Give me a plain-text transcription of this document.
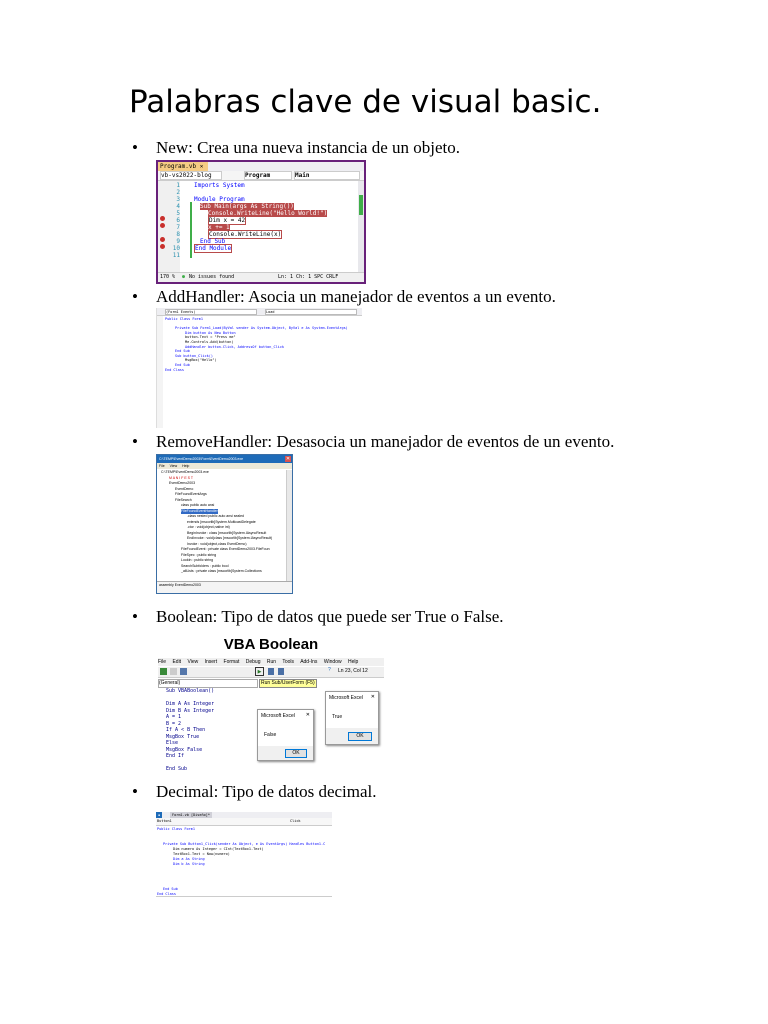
Palabras clave de visual basic.
• New: Crea una nueva instancia de un objeto.
• AddHandler: Asocia un manejador de eventos a un evento.
• RemoveHandler: Desasocia un manejador de eventos de un evento.
• Boolean: Tipo de datos que puede ser True o False.
• Decimal: Tipo de datos decimal.
Program.vb ✕
vb-vs2022-blog	Program	Main
1 Imports System
2
3 Module Program
4	Sub Main(args As String())
5	Console.WriteLine("Hello World!")
6	Dim x = 42
7	x += 1
8	Console.WriteLine(x)
9	End Sub
10	End Module
11
170 % ● No issues found	Ln: 1 Ch: 1 SPC CRLF
(Form1 Events)	Load
Public Class Form1
Private Sub Form1_Load(ByVal sender As System.Object, ByVal e As System.EventArgs)
Dim button As New Button
button.Text = "Press me"
Me.Controls.Add(button)
AddHandler button.Click, AddressOf button_Click
End Sub
Sub button_Click()
MsgBox("Hello")
End Sub
End Class
C:\TEMP\EventDemo2003\Form\EventDemo2003.exe	✕
File View Help
C:\TEMP\EventDemo2003.exe
M A N I F E S T
EventDemo2003
EventDemo
FileFoundEventArgs
FileSearch
class public auto ansi
FileFoundEventHandler
.class nested public auto ansi sealed
extends [mscorlib]System.MulticastDelegate
.ctor : void(object,native int)
BeginInvoke : class [mscorlib]System.IAsyncResult
EndInvoke : void(class [mscorlib]System.IAsyncResult)
Invoke : void(object,class EventDemo)
FileFoundEvent : private class EventDemo2003.FileFoun
FileSpec : public string
LookIn : public string
SearchSubfolders : public bool
_allLists : private class [mscorlib]System.Collections
assembly EventDemo2003
VBA Boolean
File Edit View Insert Format Debug Run Tools Add-Ins Window Help
▶	? Ln 23, Col 12
Run Sub/UserForm (F5)
(General)
Sub VBABoolean()
Dim A As Integer
Dim B As Integer
A = 1
B = 2
If A < B Then
MsgBox True
Else
MsgBox False
End If
End Sub
Microsoft Excel ✕
False
OK
Microsoft Excel ✕
True
OK
▪	Form1.vb [Diseño]*
Button1	Click
Public Class Form1
Private Sub Button1_Click(sender As Object, e As EventArgs) Handles Button1.C
Dim numero As Integer = CInt(TextBox1.Text)
TextBox1.Text = Now(numero)
Dim a As String
Dim b As String
End Sub
End Class
